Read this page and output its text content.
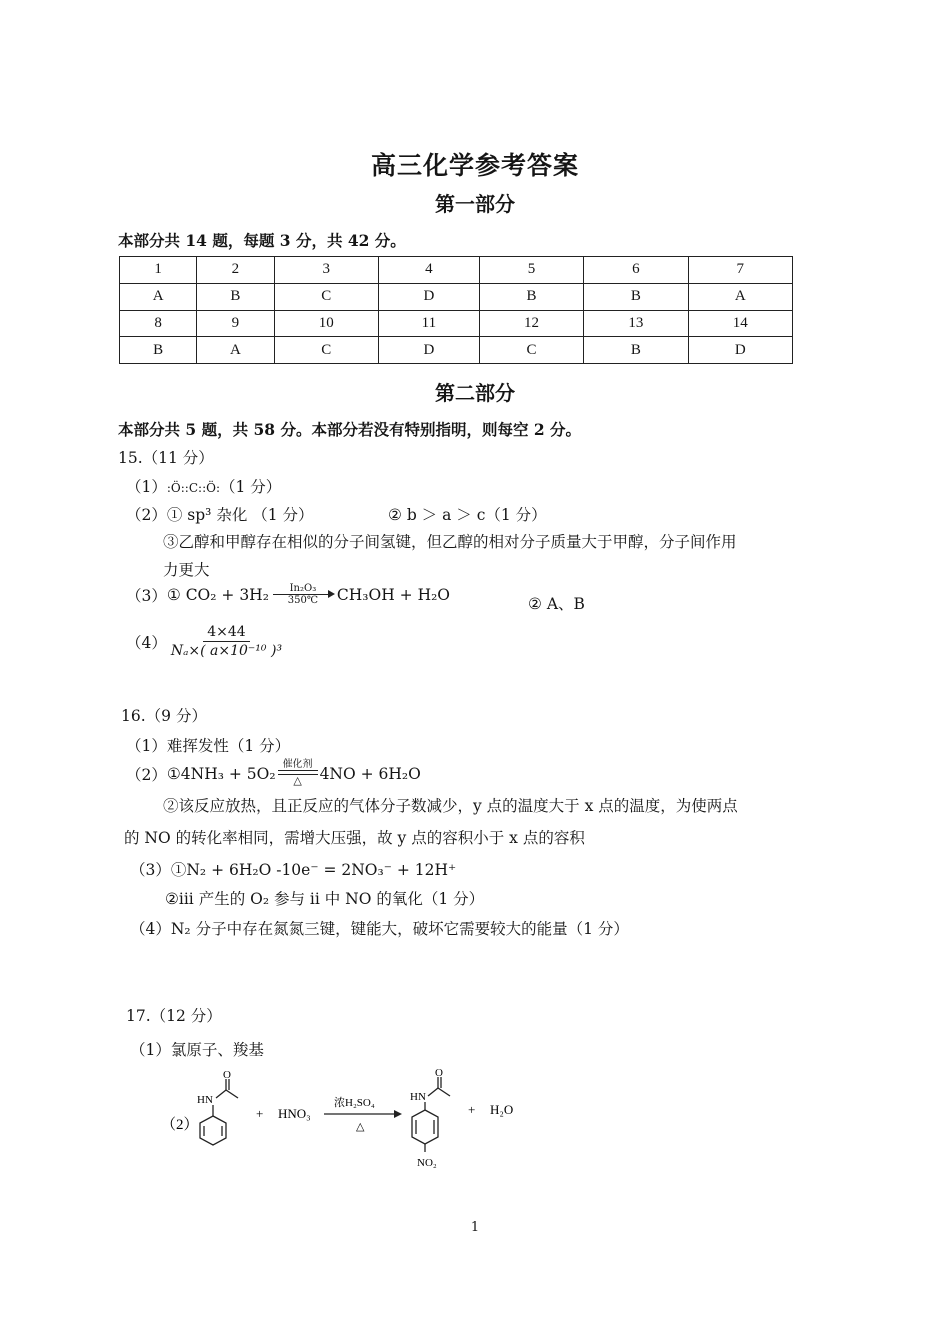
高三化学参考答案
第一部分
本部分共 14 题，每题 3 分，共 42 分。
1	2	3	4	5	6	7
A	B	C	D	B	B	A
8	9	10	11	12	13	14
B	A	C	D	C	B	D
第二部分
本部分共 5 题，共 58 分。本部分若没有特别指明，则每空 2 分。
15.（11 分）
（1）:Ö::C::Ö:（1 分）
（2）① sp³ 杂化 （1 分）	② b ＞ a ＞ c（1 分）
③乙醇和甲醇存在相似的分子间氢键，但乙醇的相对分子质量大于甲醇，分子间作用
力更大
（3） ① CO₂ + 3H₂ In₂O₃
350℃ CH₃OH + H₂O	② A、B
$(4) \frac{4\times 44}{\text{Nₐ×( a×10⁻¹⁰ )³}}$
16.（9 分）
（1）难挥发性（1 分）
（2） ①4NH₃ + 5O₂ 催化剂
△ 4NO + 6H₂O
②该反应放热，且正反应的气体分子数减少，y 点的温度大于 x 点的温度，为使两点
的 NO 的转化率相同，需增大压强，故 y 点的容积小于 x 点的容积
（3）①N₂ + 6H₂O -10e⁻ = 2NO₃⁻ + 12H⁺
②iii 产生的 O₂ 参与 ii 中 NO 的氧化（1 分）
（4）N₂ 分子中存在氮氮三键，键能大，破坏它需要较大的能量（1 分）
17.（12 分）
（1）氯原子、羧基
（2）
HN
O
+ HNO₃
浓H₂SO₄
△
HN
O
NO₂
+ H₂O
1
